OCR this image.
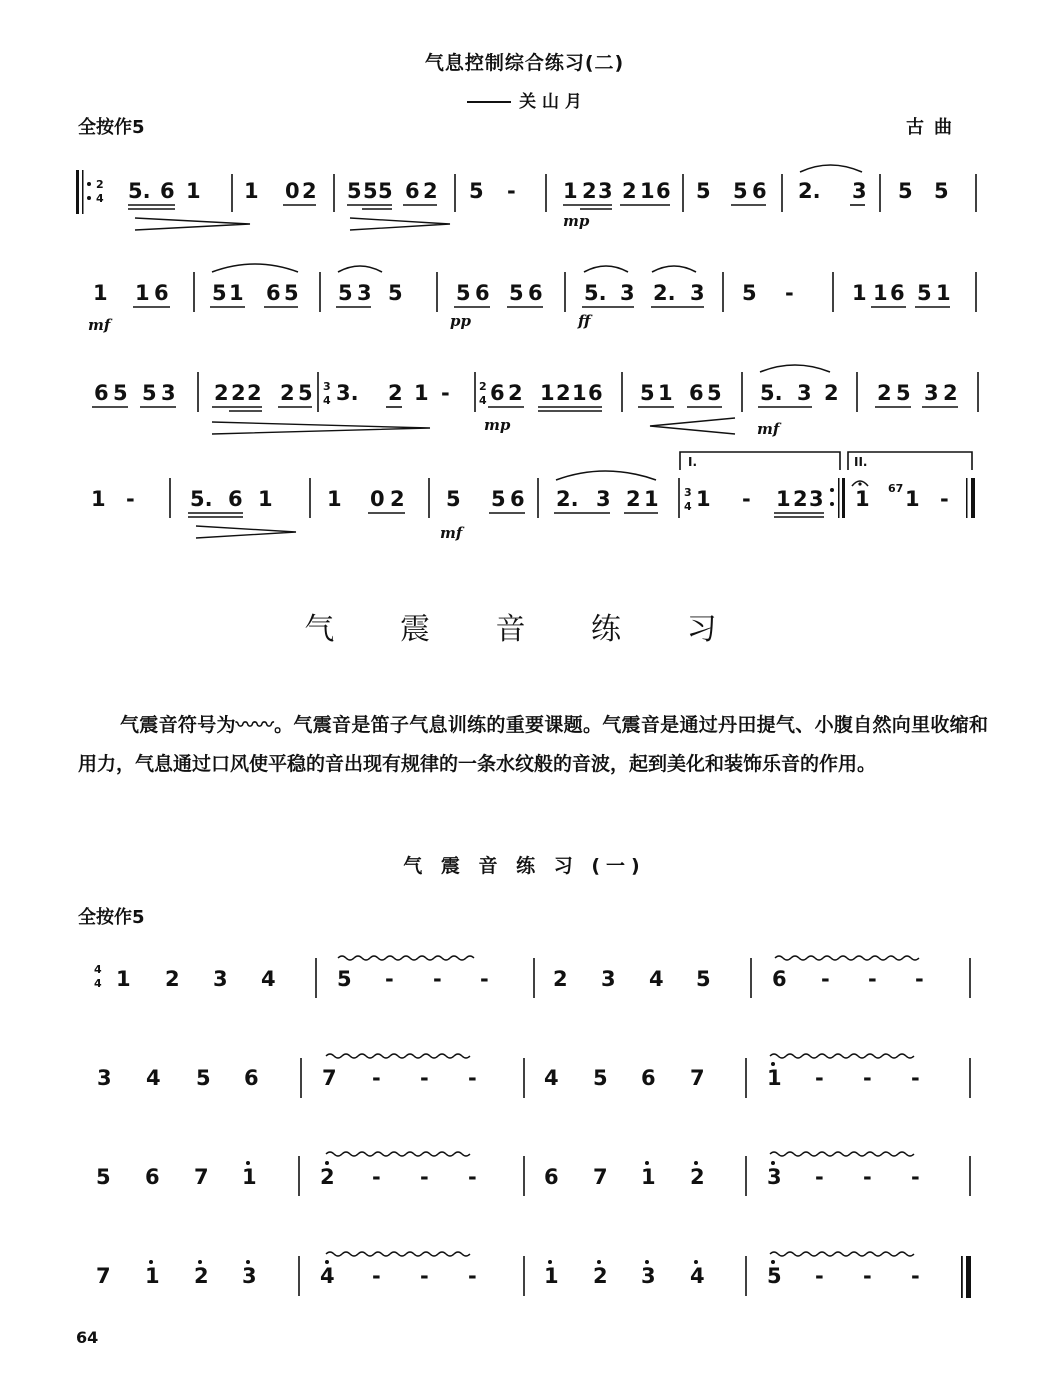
气息控制综合练习(二)
关 山 月
全按作5	古曲
2
4 5. 6 1 1 0 2 5 5 5 6 2 5 - 1 2 3 2 1 6
mp
5 5 6 2. 3 5 5
1 1 6
mf
5 1 6 5 5 3 5	5 6 5 6
pp
5. 3 2. 3
ff
5 -	1 1 6 5 1
6 5 5 3 2 2 2 2 5 3
4 3. 2 1 -	2
4 6 2 1 2 1 6
mp
5 1 6 5 5. 3 2
mf
2 5 3 2
1 -	5. 6 1	1 0 2 5 5 6
mf
2. 3 2 1
I.
3
4 1 - 1 2 3
II.
1 67 1 -
气 震 音 练 习

气震音符号为〰〰。气震音是笛子气息训练的重要课题。气震音是通过丹田提气、小腹自然向里收缩和用力，气息通过口风使平稳的音出现有规律的一条水纹般的音波，起到美化和装饰乐音的作用。

气 震 音 练 习 (一)
全按作5
4
4 1 2 3 4	5 - - -	2 3 4 5	6 - - -
3 4 5 6	7 - - -	4 5 6 7	1 - - -
5 6 7 1	2 - - -	6 7 1 2	3 - - -
7 1 2 3	4 - - -	1 2 3 4	5 - - -
64
